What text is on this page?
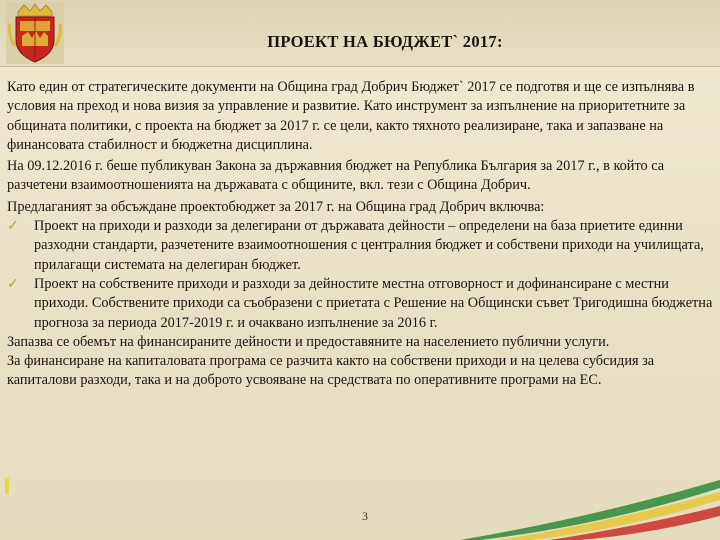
ПРОЕКТ НА БЮДЖЕТ` 2017:

Като един от стратегическите документи на Община град Добрич Бюджет` 2017 се подготвя и ще се изпълнява в условия на преход и нова визия за управление и развитие. Като инструмент за изпълнение на приоритетните за общината политики, с проекта на бюджет за 2017 г. се цели, както тяхното реализиране, така и запазване на финансовата стабилност и бюджетна дисциплина.

На 09.12.2016 г. беше публикуван Закона за държавния бюджет на Република България за 2017 г., в който са разчетени взаимоотношенията на държавата с общините, вкл. тези с Община Добрич.

Предлаганият за обсъждане проектобюджет за 2017 г. на Община град Добрич включва:

✓	Проект на приходи и разходи за делегирани от държавата дейности – определени на база приетите единни разходни стандарти, разчетените взаимоотношения с централния бюджет и собствени приходи на училищата, прилагащи системата на делегиран бюджет.
✓	Проект на собствените приходи и разходи за дейностите местна отговорност и дофинансиране с местни приходи. Собствените приходи са съобразени с приетата с Решение на Общински съвет Тригодишна бюджетна прогноза за периода 2017-2019 г. и очаквано изпълнение за 2016 г.

Запазва се обемът на финансираните дейности и предоставяните на населението публични услуги.

За финансиране на капиталовата програма се разчита както на собствени приходи и на целева субсидия за капиталови разходи, така и на доброто усвояване на средствата по оперативните програми на ЕС.

3
